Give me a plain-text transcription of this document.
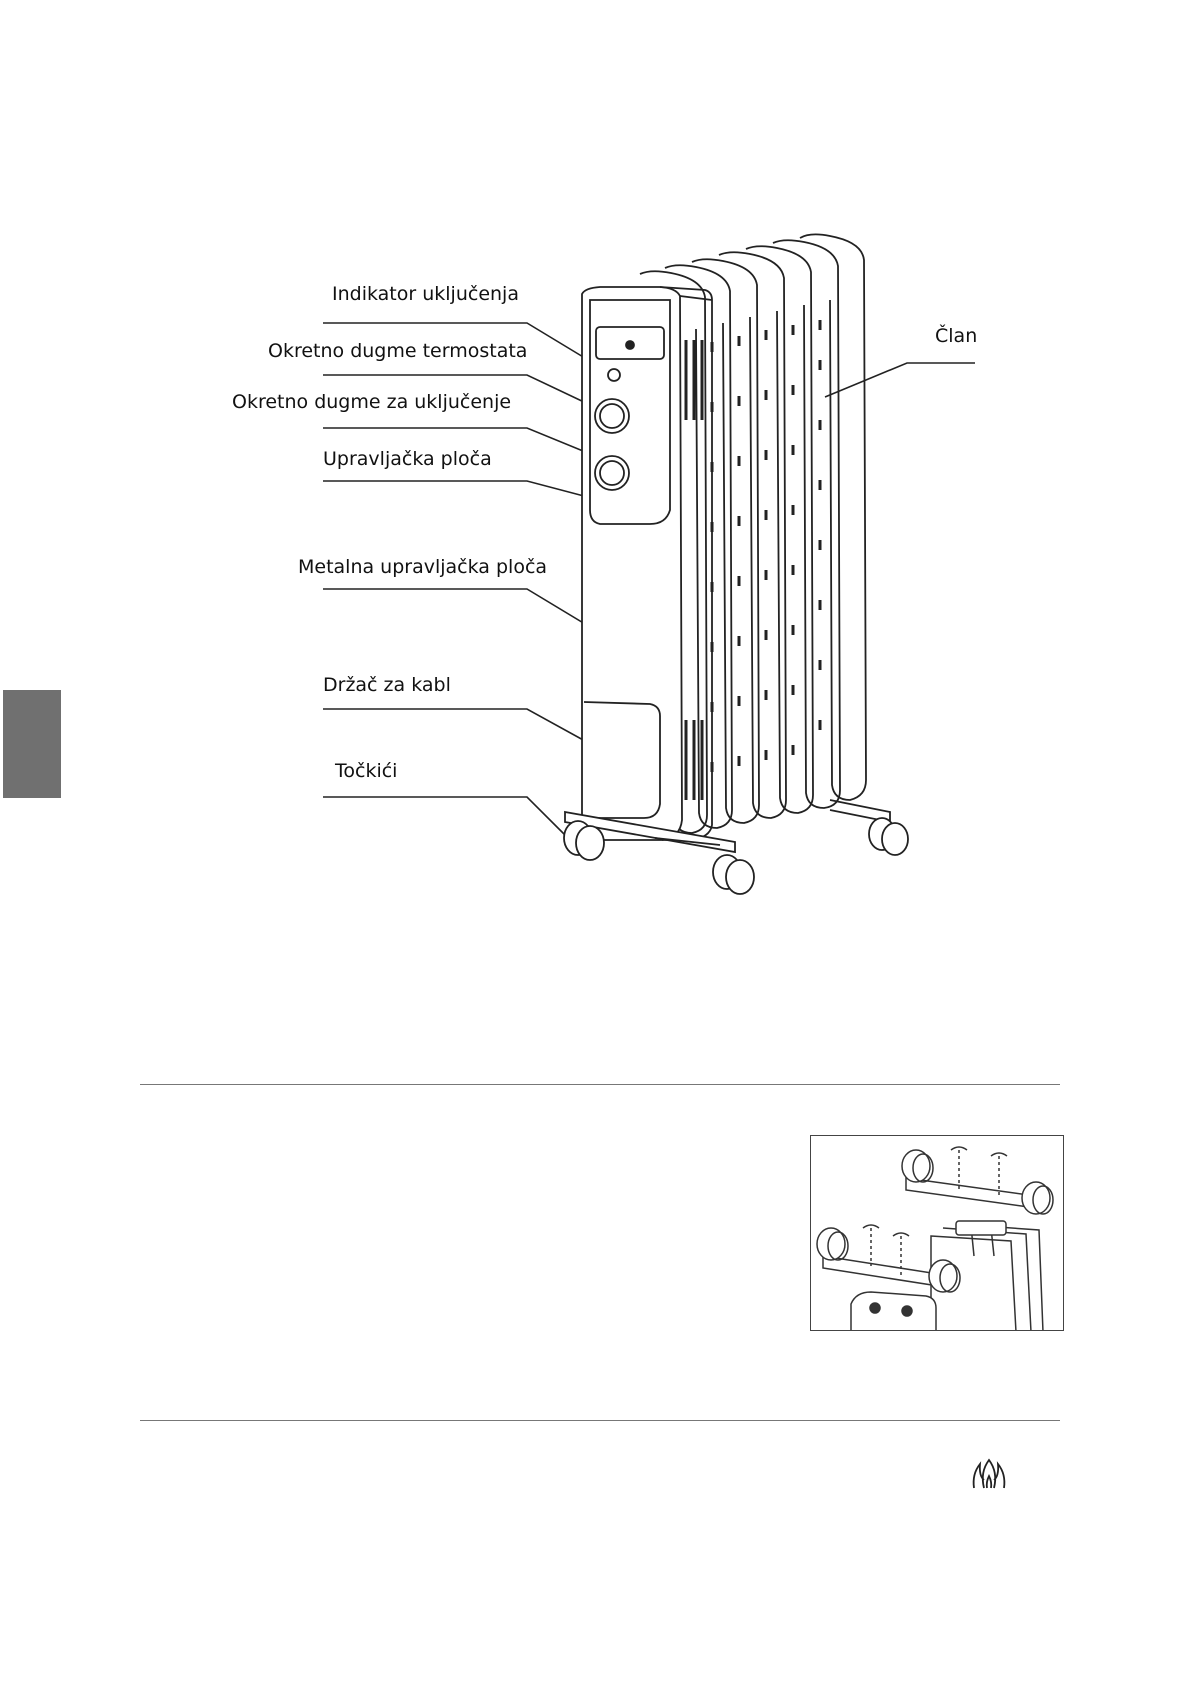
Indikator uključenja
Okretno dugme termostata
Okretno dugme za uključenje
Upravljačka ploča
Metalna upravljačka ploča
Držač za kabl
Točkići
Član
